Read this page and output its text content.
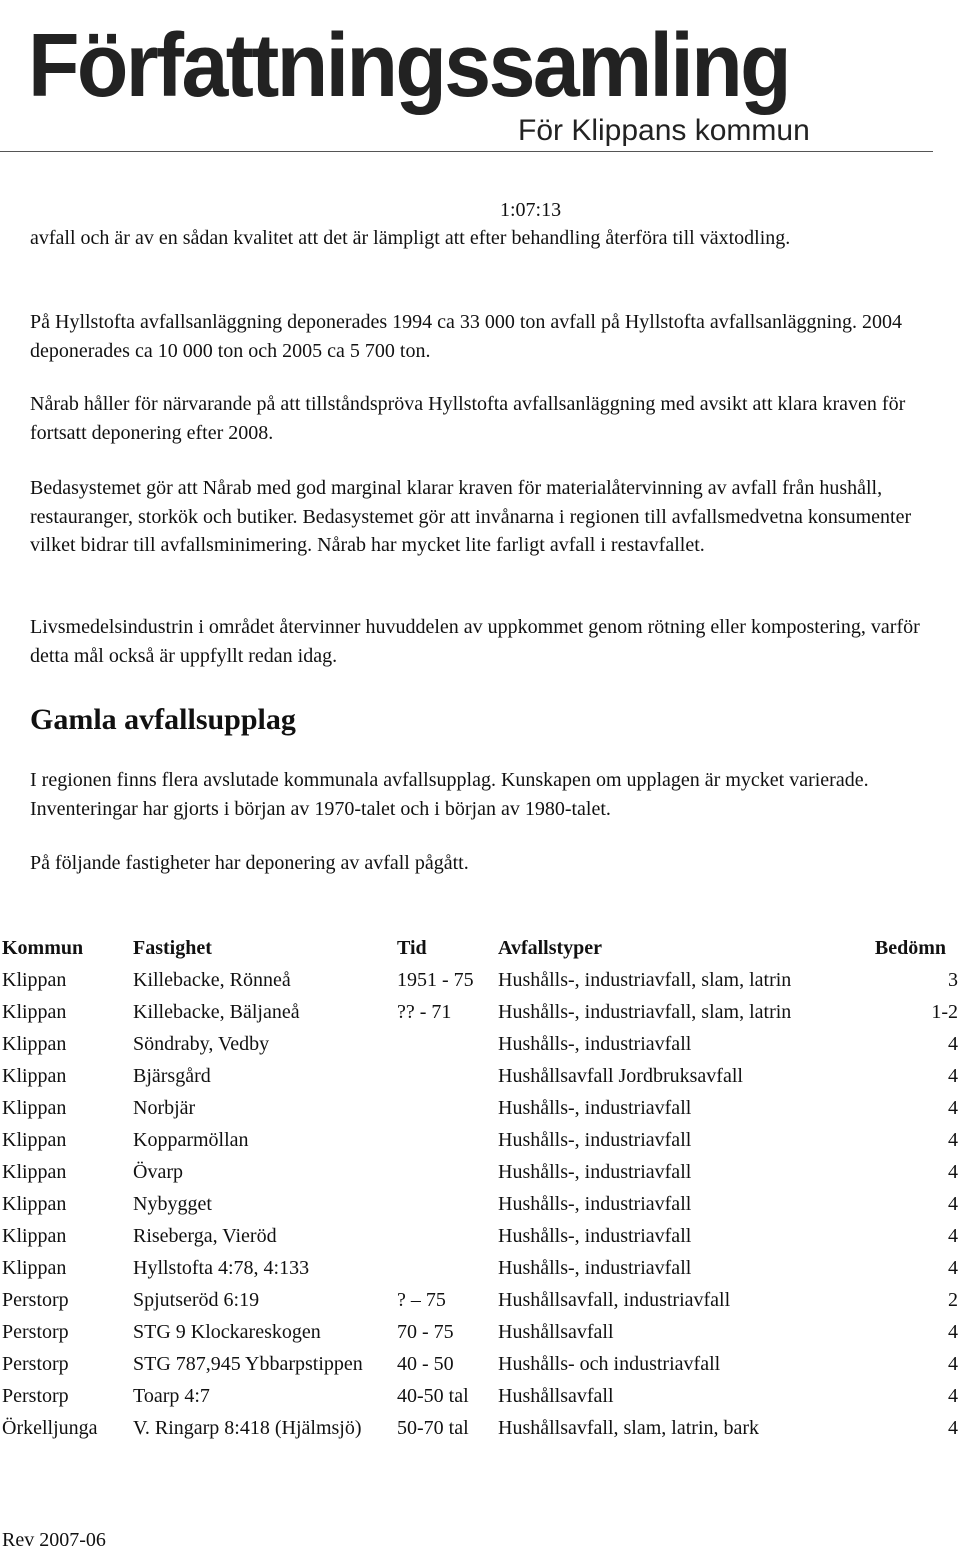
Författningssamling
För Klippans kommun
1:07:13

avfall och är av en sådan kvalitet att det är lämpligt att efter behandling återföra till växtodling.

På Hyllstofta avfallsanläggning deponerades 1994 ca 33 000 ton avfall på Hyllstofta avfallsanläggning. 2004 deponerades ca 10 000 ton och 2005 ca 5 700 ton.

Nårab håller för närvarande på att tillståndspröva Hyllstofta avfallsanläggning med avsikt att klara kraven för fortsatt deponering efter 2008.

Bedasystemet gör att Nårab med god marginal klarar kraven för materialåtervinning av avfall från hushåll, restauranger, storkök och butiker. Bedasystemet gör att invånarna i regionen till avfallsmedvetna konsumenter vilket bidrar till avfallsminimering. Nårab har mycket lite farligt avfall i restavfallet.

Livsmedelsindustrin i området återvinner huvuddelen av uppkommet genom rötning eller kompostering, varför detta mål också är uppfyllt redan idag.

Gamla avfallsupplag

I regionen finns flera avslutade kommunala avfallsupplag. Kunskapen om upplagen är mycket varierade. Inventeringar har gjorts i början av 1970-talet och i början av 1980-talet.

På följande fastigheter har deponering av avfall pågått.

Kommun	Fastighet	Tid	Avfallstyper	Bedömn
Klippan	Killebacke, Rönneå	1951 - 75	Hushålls-, industriavfall, slam, latrin	3
Klippan	Killebacke, Bäljaneå	?? - 71	Hushålls-, industriavfall, slam, latrin	1-2
Klippan	Söndraby, Vedby		Hushålls-, industriavfall	4
Klippan	Bjärsgård		Hushållsavfall Jordbruksavfall	4
Klippan	Norbjär		Hushålls-, industriavfall	4
Klippan	Kopparmöllan		Hushålls-, industriavfall	4
Klippan	Övarp		Hushålls-, industriavfall	4
Klippan	Nybygget		Hushålls-, industriavfall	4
Klippan	Riseberga, Vieröd		Hushålls-, industriavfall	4
Klippan	Hyllstofta 4:78, 4:133		Hushålls-, industriavfall	4
Perstorp	Spjutseröd 6:19	? – 75	Hushållsavfall, industriavfall	2
Perstorp	STG 9 Klockareskogen	70 - 75	Hushållsavfall	4
Perstorp	STG 787,945 Ybbarpstippen	40 - 50	Hushålls- och industriavfall	4
Perstorp	Toarp 4:7	40-50 tal	Hushållsavfall	4
Örkelljunga	V. Ringarp 8:418 (Hjälmsjö)	50-70 tal	Hushållsavfall, slam, latrin, bark	4
Rev 2007-06
